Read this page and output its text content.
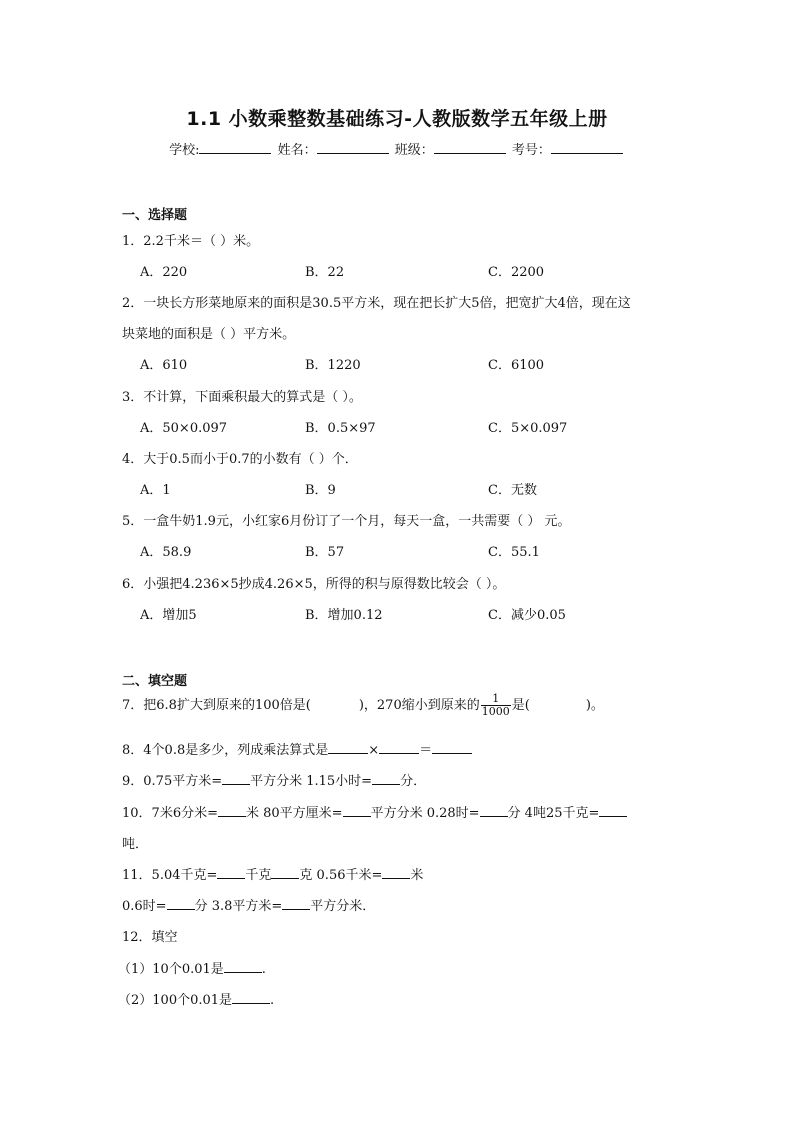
1.1 小数乘整数基础练习-人教版数学五年级上册
学校:	姓名：	班级：	考号：
一、选择题
1．2.2千米＝（ ）米。
A．220	B．22	C．2200
2．一块长方形菜地原来的面积是30.5平方米，现在把长扩大5倍，把宽扩大4倍，现在这
块菜地的面积是（ ）平方米。
A．610	B．1220	C．6100
3．不计算，下面乘积最大的算式是（ ）。
A．50×0.097	B．0.5×97	C．5×0.097
4．大于0.5而小于0.7的小数有（ ）个．
A．1	B．9	C．无数
5．一盒牛奶1.9元，小红家6月份订了一个月，每天一盒，一共需要（ ） 元。
A．58.9	B．57	C．55.1
6．小强把4.236×5抄成4.26×5，所得的积与原得数比较会（ ）。
A．增加5	B．增加0.12	C．减少0.05
二、填空题
7．把6.8扩大到原来的100倍是(	)，270缩小到原来的 $\frac{1}{1000}$ 是(	)。
8．4个0.8是多少，列成乘法算式是	×	＝
9．0.75平方米= 平方分米 1.15小时= 分．
10．7米6分米= 米 80平方厘米= 平方分米 0.28时= 分 4吨25千克=
吨．
11．5.04千克= 千克 克 0.56千米= 米
0.6时= 分 3.8平方米= 平方分米．
12．填空
（1）10个0.01是	.
（2）100个0.01是	.
